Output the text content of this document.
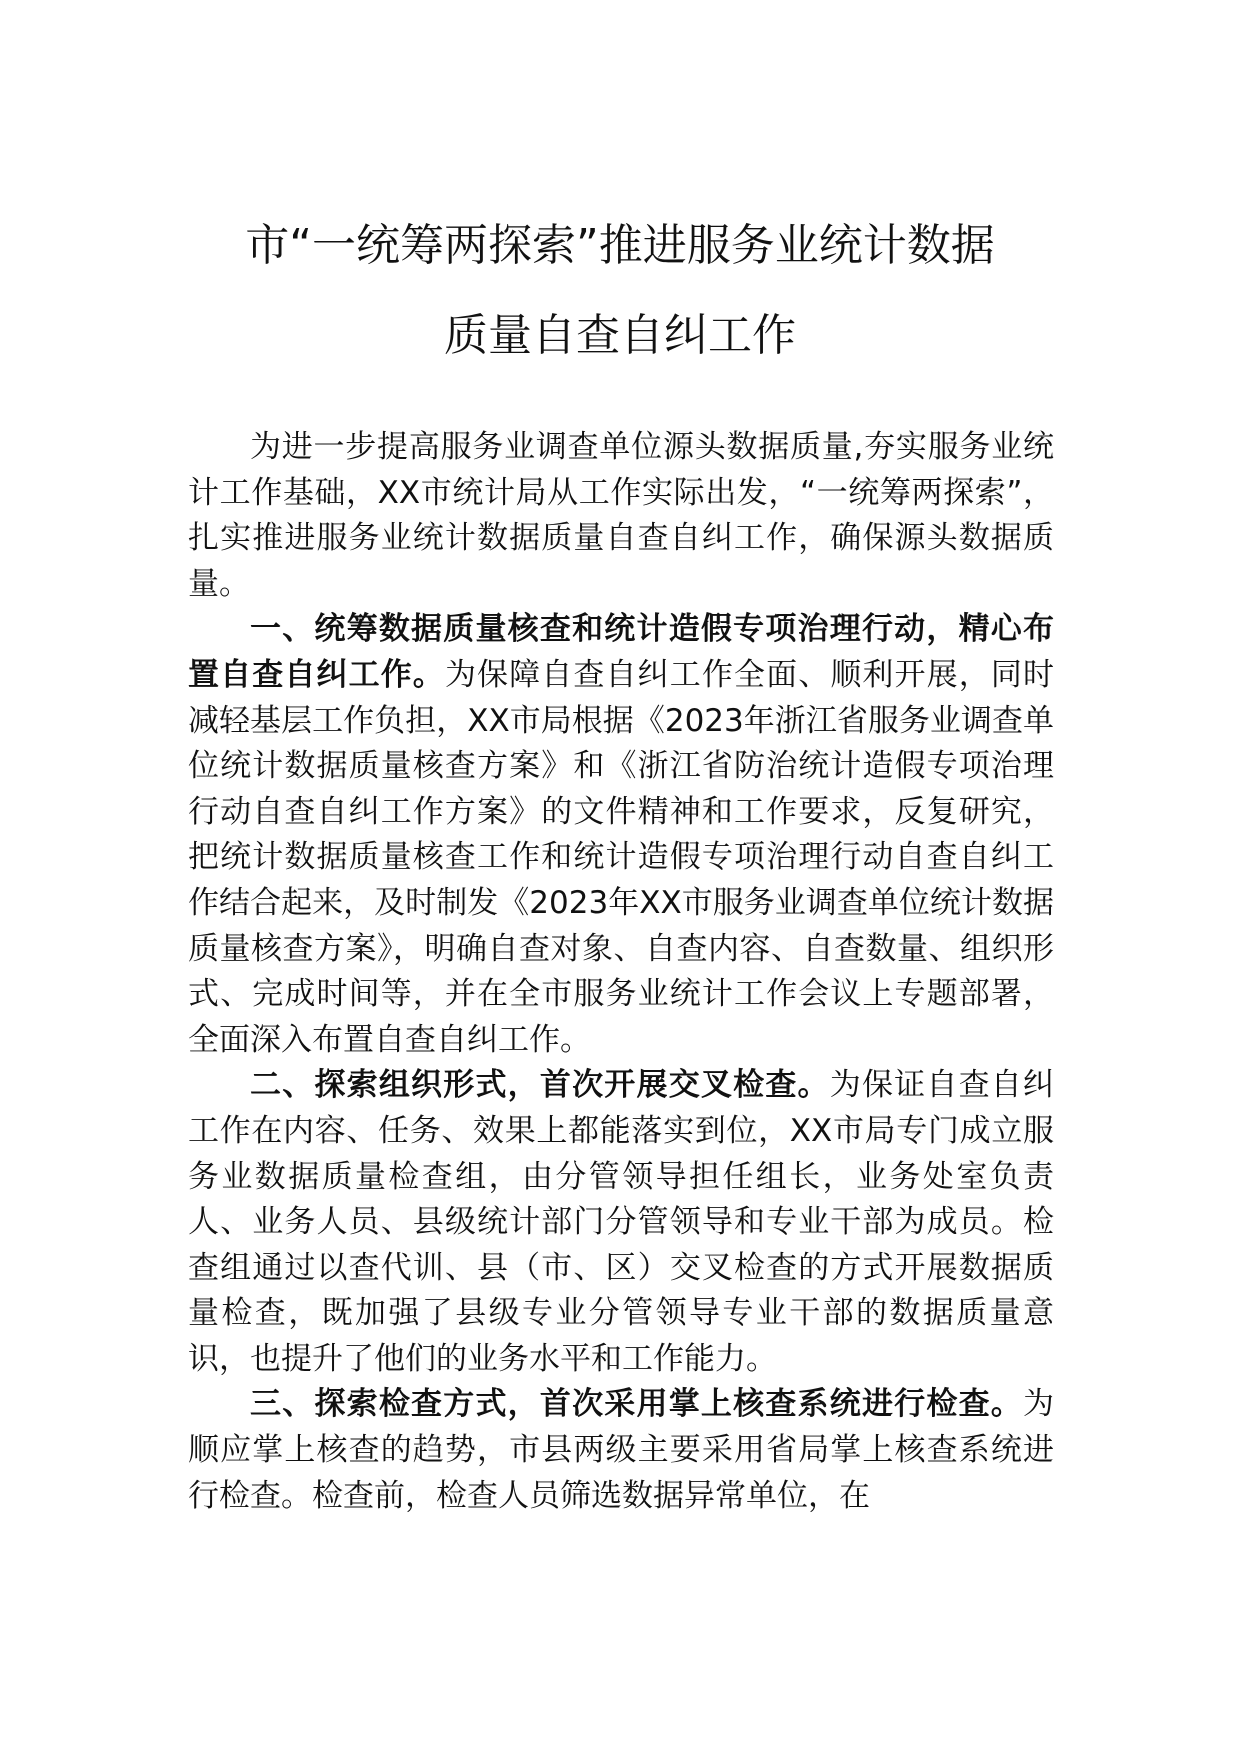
市“一统筹两探索”推进服务业统计数据
质量自查自纠工作

为进一步提高服务业调查单位源头数据质量,夯实服务业统计工作基础，XX市统计局从工作实际出发，“一统筹两探索”，扎实推进服务业统计数据质量自查自纠工作，确保源头数据质量。

一、统筹数据质量核查和统计造假专项治理行动，精心布置自查自纠工作。为保障自查自纠工作全面、顺利开展，同时减轻基层工作负担，XX市局根据《2023年浙江省服务业调查单位统计数据质量核查方案》和《浙江省防治统计造假专项治理行动自查自纠工作方案》的文件精神和工作要求，反复研究，把统计数据质量核查工作和统计造假专项治理行动自查自纠工作结合起来，及时制发《2023年XX市服务业调查单位统计数据质量核查方案》，明确自查对象、自查内容、自查数量、组织形式、完成时间等，并在全市服务业统计工作会议上专题部署，全面深入布置自查自纠工作。

二、探索组织形式，首次开展交叉检查。为保证自查自纠工作在内容、任务、效果上都能落实到位，XX市局专门成立服务业数据质量检查组，由分管领导担任组长，业务处室负责人、业务人员、县级统计部门分管领导和专业干部为成员。检查组通过以查代训、县（市、区）交叉检查的方式开展数据质量检查，既加强了县级专业分管领导专业干部的数据质量意识，也提升了他们的业务水平和工作能力。

三、探索检查方式，首次采用掌上核查系统进行检查。为顺应掌上核查的趋势，市县两级主要采用省局掌上核查系统进行检查。检查前，检查人员筛选数据异常单位，在
